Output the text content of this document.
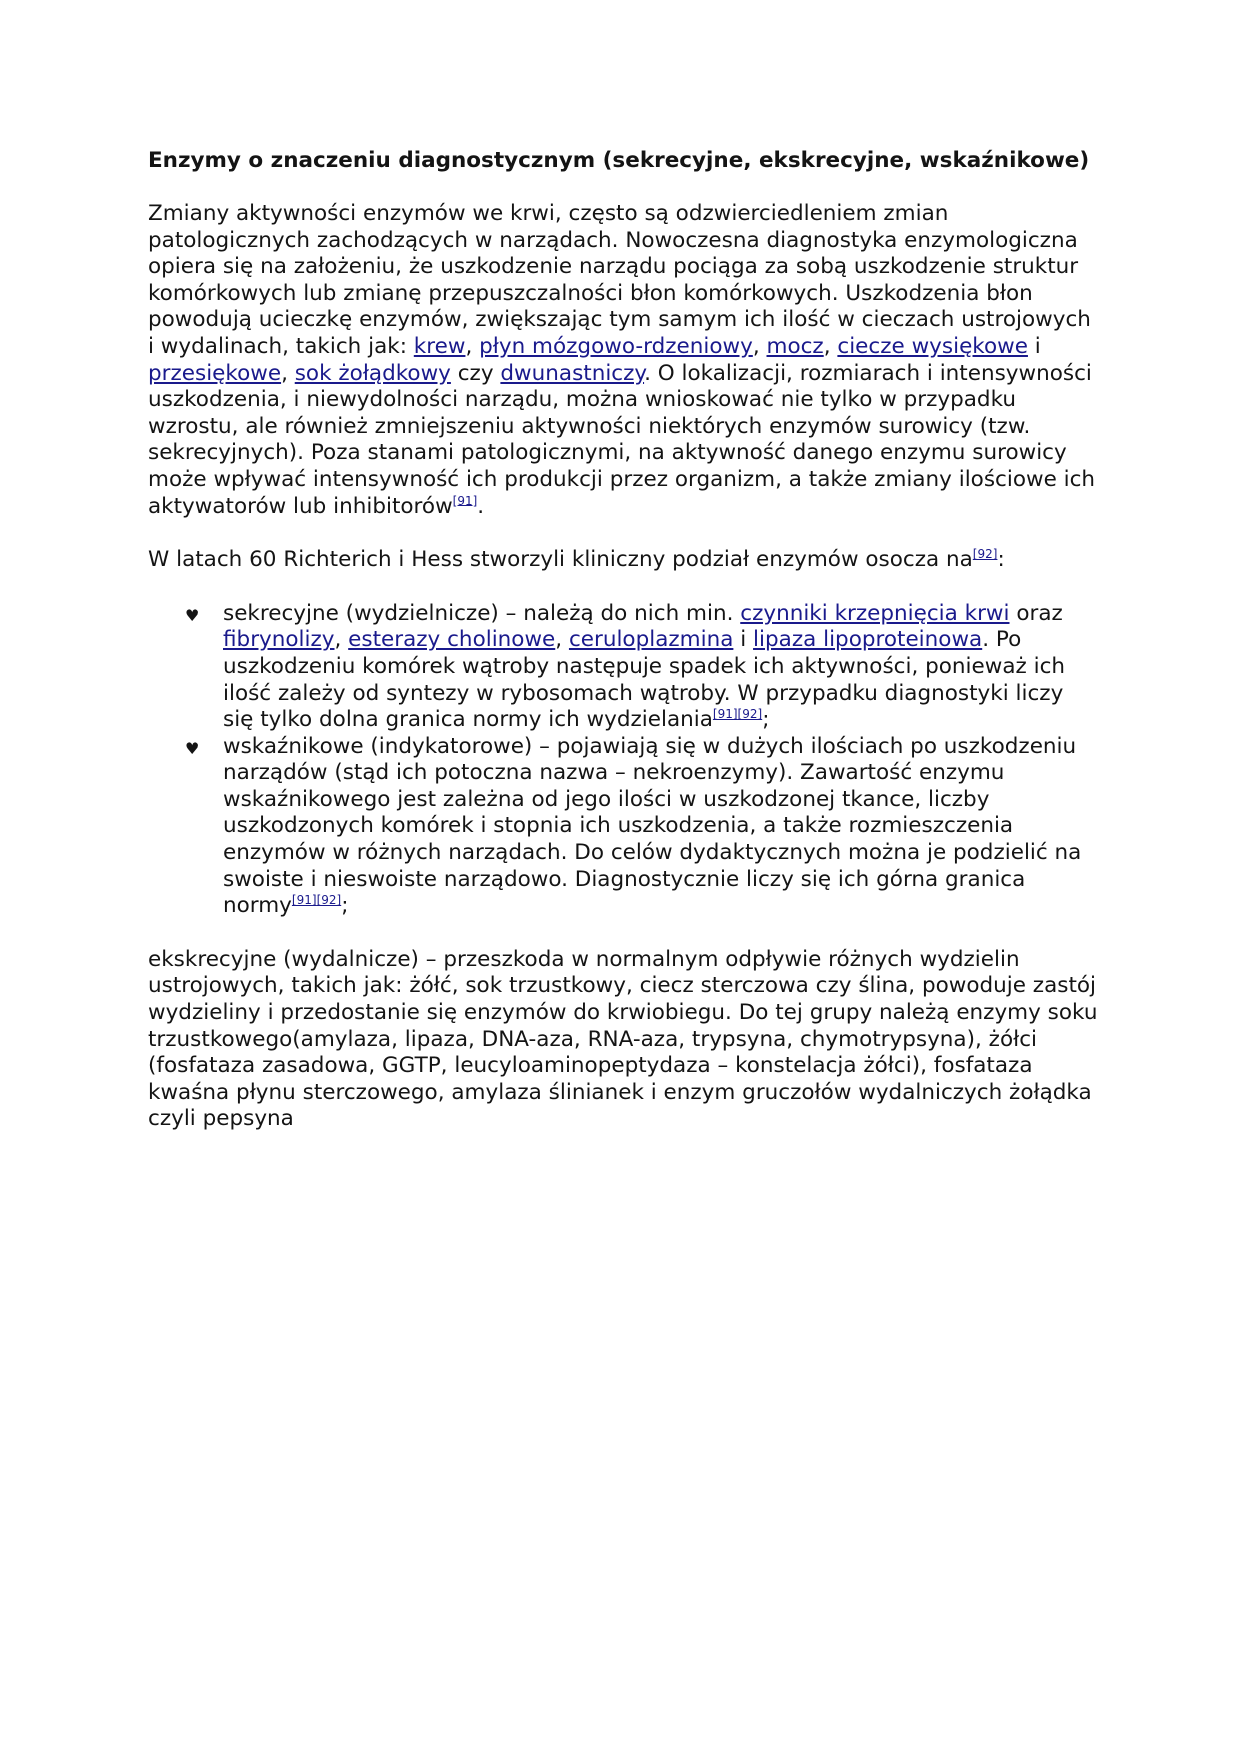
Enzymy o znaczeniu diagnostycznym (sekrecyjne, ekskrecyjne, wskaźnikowe)

Zmiany aktywności enzymów we krwi, często są odzwierciedleniem zmian patologicznych zachodzących w narządach. Nowoczesna diagnostyka enzymologiczna opiera się na założeniu, że uszkodzenie narządu pociąga za sobą uszkodzenie struktur komórkowych lub zmianę przepuszczalności błon komórkowych. Uszkodzenia błon powodują ucieczkę enzymów, zwiększając tym samym ich ilość w cieczach ustrojowych i wydalinach, takich jak: krew, płyn mózgowo-rdzeniowy, mocz, ciecze wysiękowe i przesiękowe, sok żołądkowy czy dwunastniczy. O lokalizacji, rozmiarach i intensywności uszkodzenia, i niewydolności narządu, można wnioskować nie tylko w przypadku wzrostu, ale również zmniejszeniu aktywności niektórych enzymów surowicy (tzw. sekrecyjnych). Poza stanami patologicznymi, na aktywność danego enzymu surowicy może wpływać intensywność ich produkcji przez organizm, a także zmiany ilościowe ich aktywatorów lub inhibitorów[91].

W latach 60 Richterich i Hess stworzyli kliniczny podział enzymów osocza na[92]:

♥ sekrecyjne (wydzielnicze) – należą do nich min. czynniki krzepnięcia krwi oraz fibrynolizy, esterazy cholinowe, ceruloplazmina i lipaza lipoproteinowa. Po uszkodzeniu komórek wątroby następuje spadek ich aktywności, ponieważ ich ilość zależy od syntezy w rybosomach wątroby. W przypadku diagnostyki liczy się tylko dolna granica normy ich wydzielania[91][92];
♥ wskaźnikowe (indykatorowe) – pojawiają się w dużych ilościach po uszkodzeniu narządów (stąd ich potoczna nazwa – nekroenzymy). Zawartość enzymu wskaźnikowego jest zależna od jego ilości w uszkodzonej tkance, liczby uszkodzonych komórek i stopnia ich uszkodzenia, a także rozmieszczenia enzymów w różnych narządach. Do celów dydaktycznych można je podzielić na swoiste i nieswoiste narządowo. Diagnostycznie liczy się ich górna granica normy[91][92];

ekskrecyjne (wydalnicze) – przeszkoda w normalnym odpływie różnych wydzielin ustrojowych, takich jak: żółć, sok trzustkowy, ciecz sterczowa czy ślina, powoduje zastój wydzieliny i przedostanie się enzymów do krwiobiegu. Do tej grupy należą enzymy soku trzustkowego(amylaza, lipaza, DNA-aza, RNA-aza, trypsyna, chymotrypsyna), żółci (fosfataza zasadowa, GGTP, leucyloaminopeptydaza – konstelacja żółci), fosfataza kwaśna płynu sterczowego, amylaza ślinianek i enzym gruczołów wydalniczych żołądka czyli pepsyna
